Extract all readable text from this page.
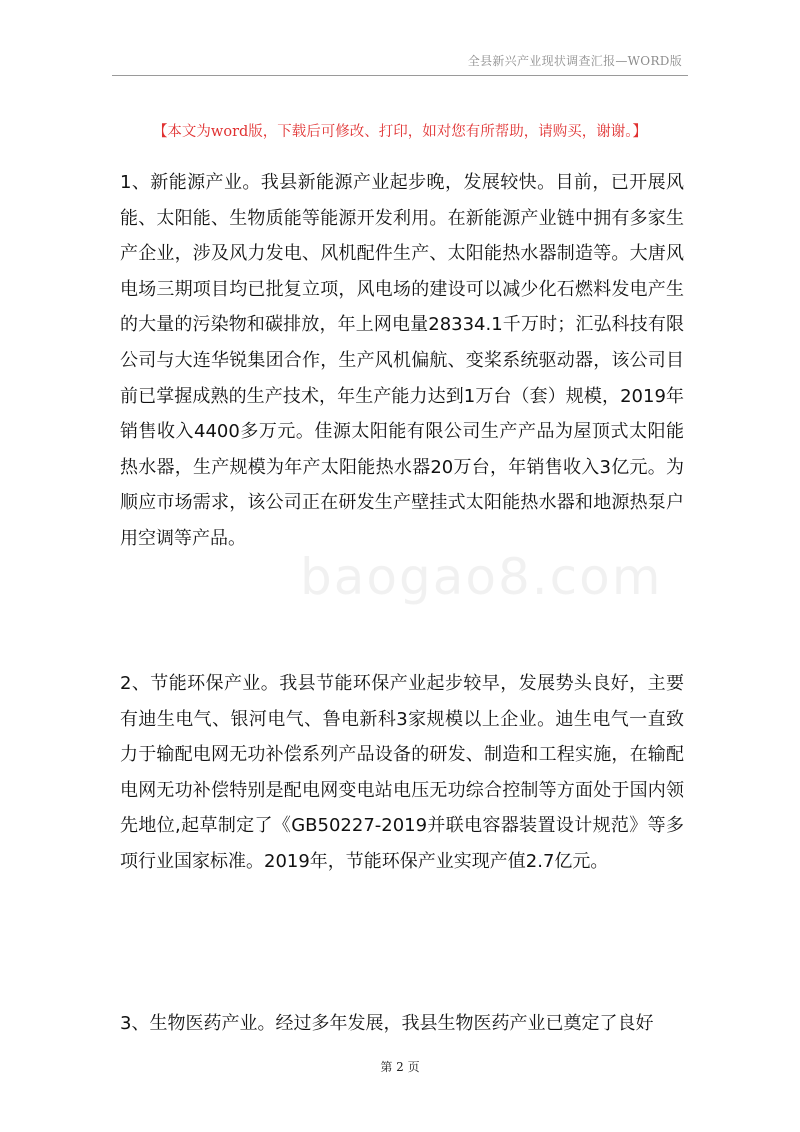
全县新兴产业现状调查汇报—WORD版
【本文为word版，下载后可修改、打印，如对您有所帮助，请购买，谢谢。】
baogao8.com
1、新能源产业。我县新能源产业起步晚，发展较快。目前，已开展风能、太阳能、生物质能等能源开发利用。在新能源产业链中拥有多家生产企业，涉及风力发电、风机配件生产、太阳能热水器制造等。大唐风电场三期项目均已批复立项，风电场的建设可以减少化石燃料发电产生的大量的污染物和碳排放，年上网电量28334.1千万时；汇弘科技有限公司与大连华锐集团合作，生产风机偏航、变桨系统驱动器，该公司目前已掌握成熟的生产技术，年生产能力达到1万台（套）规模，2019年销售收入4400多万元。佳源太阳能有限公司生产产品为屋顶式太阳能热水器，生产规模为年产太阳能热水器20万台，年销售收入3亿元。为顺应市场需求，该公司正在研发生产壁挂式太阳能热水器和地源热泵户用空调等产品。
2、节能环保产业。我县节能环保产业起步较早，发展势头良好，主要有迪生电气、银河电气、鲁电新科3家规模以上企业。迪生电气一直致力于输配电网无功补偿系列产品设备的研发、制造和工程实施，在输配电网无功补偿特别是配电网变电站电压无功综合控制等方面处于国内领先地位,起草制定了《GB50227-2019并联电容器装置设计规范》等多项行业国家标准。2019年，节能环保产业实现产值2.7亿元。
3、生物医药产业。经过多年发展，我县生物医药产业已奠定了良好
第 2 页
